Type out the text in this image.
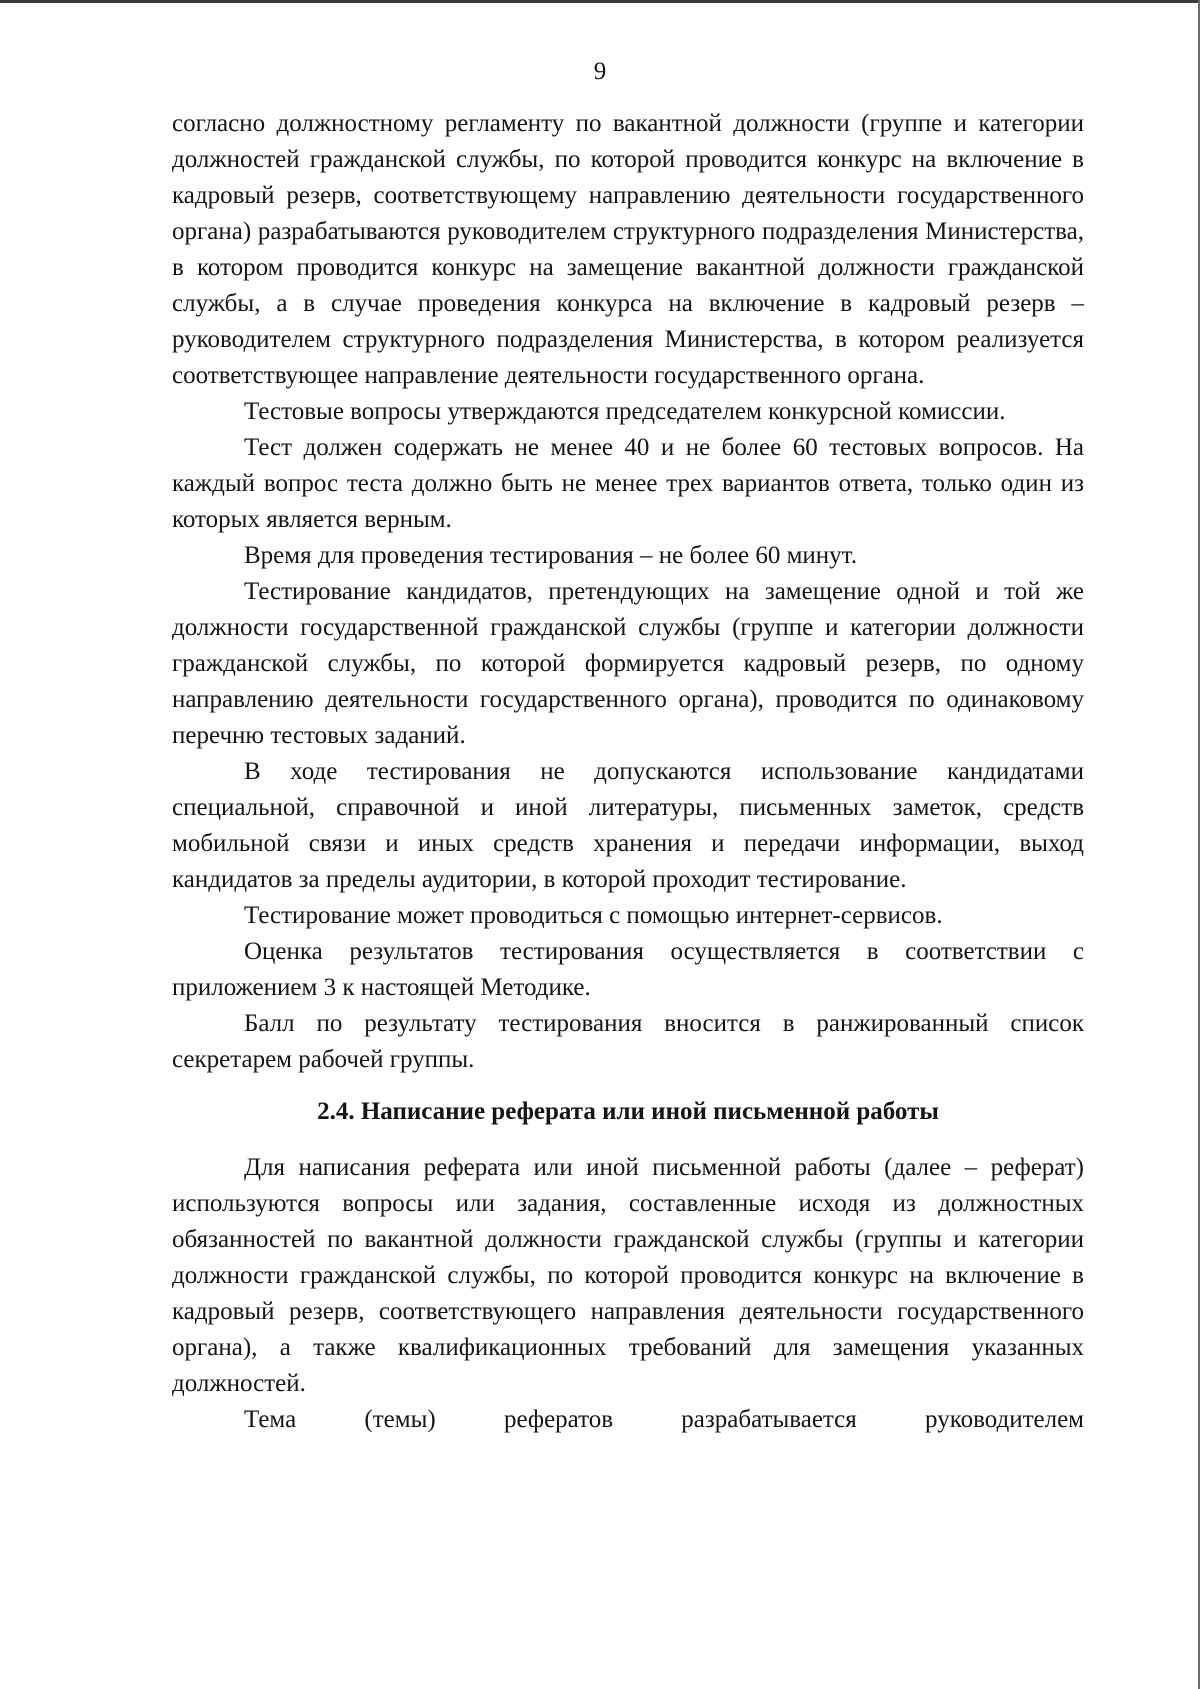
9

согласно должностному регламенту по вакантной должности (группе и категории должностей гражданской службы, по которой проводится конкурс на включение в кадровый резерв, соответствующему направлению деятельности государственного органа) разрабатываются руководителем структурного подразделения Министерства, в котором проводится конкурс на замещение вакантной должности гражданской службы, а в случае проведения конкурса на включение в кадровый резерв – руководителем структурного подразделения Министерства, в котором реализуется соответствующее направление деятельности государственного органа.

Тестовые вопросы утверждаются председателем конкурсной комиссии.

Тест должен содержать не менее 40 и не более 60 тестовых вопросов. На каждый вопрос теста должно быть не менее трех вариантов ответа, только один из которых является верным.

Время для проведения тестирования – не более 60 минут.

Тестирование кандидатов, претендующих на замещение одной и той же должности государственной гражданской службы (группе и категории должности гражданской службы, по которой формируется кадровый резерв, по одному направлению деятельности государственного органа), проводится по одинаковому перечню тестовых заданий.

В ходе тестирования не допускаются использование кандидатами специальной, справочной и иной литературы, письменных заметок, средств мобильной связи и иных средств хранения и передачи информации, выход кандидатов за пределы аудитории, в которой проходит тестирование.

Тестирование может проводиться с помощью интернет-сервисов.

Оценка результатов тестирования осуществляется в соответствии с приложением 3 к настоящей Методике.

Балл по результату тестирования вносится в ранжированный список секретарем рабочей группы.

2.4. Написание реферата или иной письменной работы

Для написания реферата или иной письменной работы (далее – реферат) используются вопросы или задания, составленные исходя из должностных обязанностей по вакантной должности гражданской службы (группы и категории должности гражданской службы, по которой проводится конкурс на включение в кадровый резерв, соответствующего направления деятельности государственного органа), а также квалификационных требований для замещения указанных должностей.

Тема (темы) рефератов разрабатывается руководителем
